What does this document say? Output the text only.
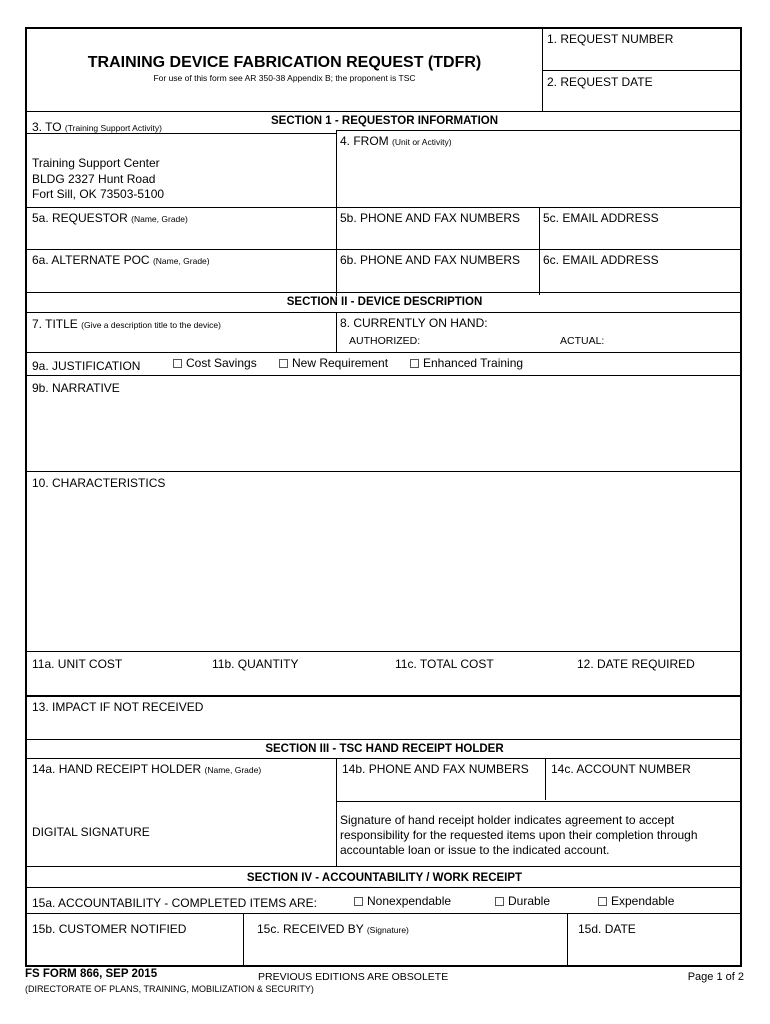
TRAINING DEVICE FABRICATION REQUEST (TDFR)
For use of this form see AR 350-38 Appendix B; the proponent is TSC
1. REQUEST NUMBER
2. REQUEST DATE
SECTION 1 - REQUESTOR INFORMATION
3. TO (Training Support Activity)
Training Support Center
BLDG 2327 Hunt Road
Fort Sill, OK 73503-5100
4. FROM (Unit or Activity)
5a. REQUESTOR (Name, Grade)	5b. PHONE AND FAX NUMBERS 5c. EMAIL ADDRESS
6a. ALTERNATE POC (Name, Grade)	6b. PHONE AND FAX NUMBERS 6c. EMAIL ADDRESS
SECTION II - DEVICE DESCRIPTION
7. TITLE (Give a description title to the device)	8. CURRENTLY ON HAND:
AUTHORIZED:	ACTUAL:
9a. JUSTIFICATION	Cost Savings	New Requirement	Enhanced Training
9b. NARRATIVE
10. CHARACTERISTICS
11a. UNIT COST	11b. QUANTITY	11c. TOTAL COST	12. DATE REQUIRED
13. IMPACT IF NOT RECEIVED
SECTION III - TSC HAND RECEIPT HOLDER
14a. HAND RECEIPT HOLDER (Name, Grade)	14b. PHONE AND FAX NUMBERS 14c. ACCOUNT NUMBER
DIGITAL SIGNATURE
Signature of hand receipt holder indicates agreement to accept
responsibility for the requested items upon their completion through
accountable loan or issue to the indicated account.
SECTION IV - ACCOUNTABILITY / WORK RECEIPT
15a. ACCOUNTABILITY - COMPLETED ITEMS ARE:	Nonexpendable	Durable	Expendable
15b. CUSTOMER NOTIFIED	15c. RECEIVED BY (Signature)	15d. DATE
FS FORM 866, SEP 2015
(DIRECTORATE OF PLANS, TRAINING, MOBILIZATION & SECURITY)
PREVIOUS EDITIONS ARE OBSOLETE	Page 1 of 2
